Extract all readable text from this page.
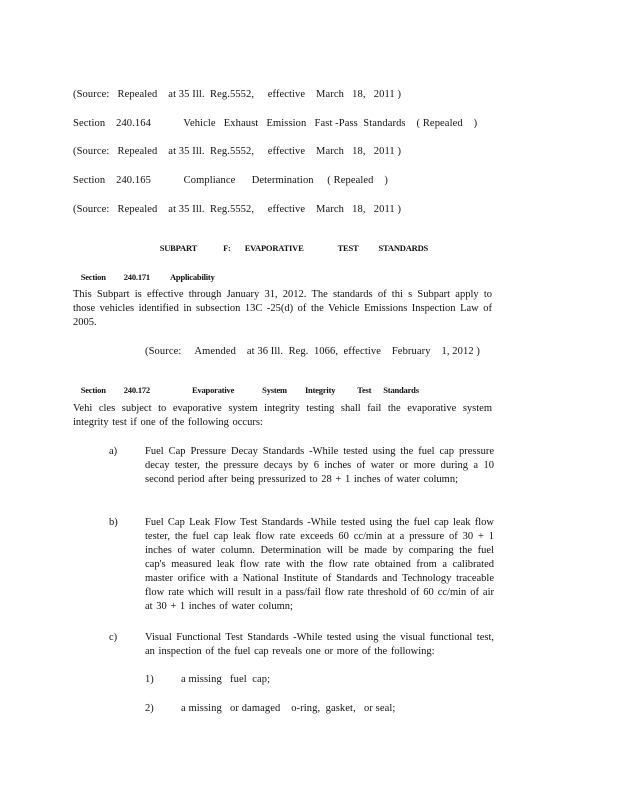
(Source:   Repealed    at 35 Ill.  Reg.5552,     effective    March   18,   2011 )
Section    240.164            Vehicle   Exhaust   Emission   Fast -Pass  Standards    ( Repealed    )
(Source:   Repealed    at 35 Ill.  Reg.5552,     effective    March   18,   2011 )
Section    240.165            Compliance      Determination     ( Repealed    )
(Source:   Repealed    at 35 Ill.  Reg.5552,     effective    March   18,   2011 )

SUBPART	F: EVAPORATIVE	TEST STANDARDS

Section 240.171 Applicability

This Subpart is effective through January 31, 2012. The standards of thi s Subpart apply to those vehicles identified in subsection 13C -25(d) of the Vehicle Emissions Inspection Law of 2005.
(Source:     Amended    at 36 Ill.  Reg.  1066,  effective    February    1, 2012 )

Section 240.172	Evaporative	System Integrity	Test Standards

Vehi cles subject to evaporative system integrity testing shall fail the evaporative system integrity test if one of the following occurs:
a)	Fuel Cap Pressure Decay Standards -While tested using the fuel cap pressure decay tester, the pressure decays by 6 inches of water or more during a 10 second period after being pressurized to 28 + 1 inches of water column;
b)	Fuel Cap Leak Flow Test Standards -While tested using the fuel cap leak flow tester, the fuel cap leak flow rate exceeds 60 cc/min at a pressure of 30 + 1 inches of water column. Determination will be made by comparing the fuel cap's measured leak flow rate with the flow rate obtained from a calibrated master orifice with a National Institute of Standards and Technology traceable flow rate which will result in a pass/fail flow rate threshold of 60 cc/min of air at 30 + 1 inches of water column;
c)	Visual Functional Test Standards -While tested using the visual functional test, an inspection of the fuel cap reveals one or more of the following:
1)	a missing   fuel  cap;
2)	a missing   or damaged    o-ring,  gasket,   or seal;
